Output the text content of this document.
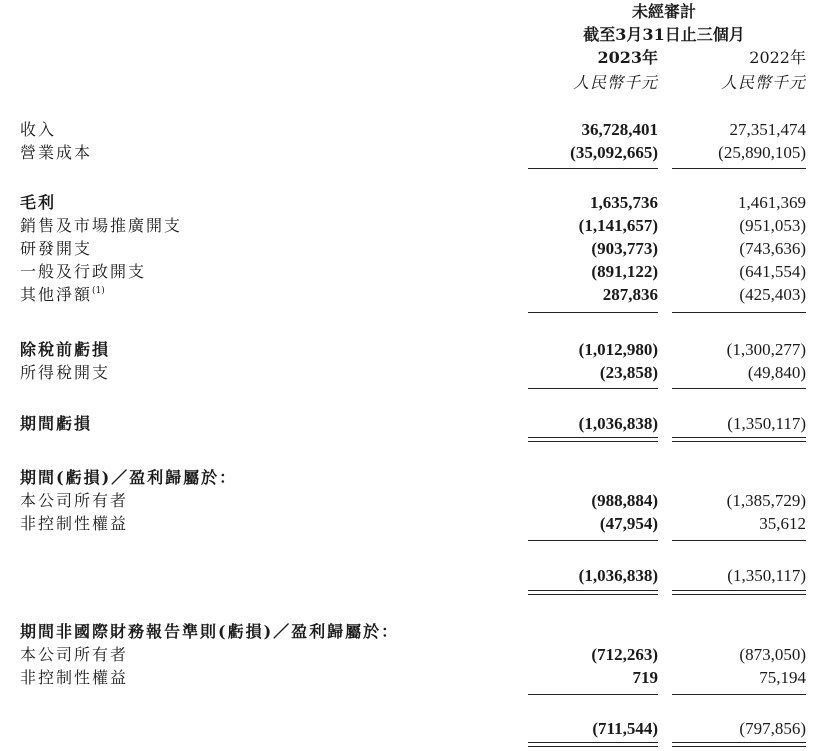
未經審計
截至3月31日止三個月
2023年	2022年
人民幣千元	人民幣千元
收入	36,728,401	27,351,474
營業成本	(35,092,665)	(25,890,105)
毛利	1,635,736	1,461,369
銷售及市場推廣開支	(1,141,657)	(951,053)
研發開支	(903,773)	(743,636)
一般及行政開支	(891,122)	(641,554)
其他淨額$^{(1)}$	287,836	(425,403)
除稅前虧損	(1,012,980)	(1,300,277)
所得稅開支	(23,858)	(49,840)
期間虧損	(1,036,838)	(1,350,117)
期間(虧損)／盈利歸屬於：
本公司所有者	(988,884)	(1,385,729)
非控制性權益	(47,954)	35,612
(1,036,838)	(1,350,117)
期間非國際財務報告準則(虧損)／盈利歸屬於：
本公司所有者	(712,263)	(873,050)
非控制性權益	719	75,194
(711,544)	(797,856)
